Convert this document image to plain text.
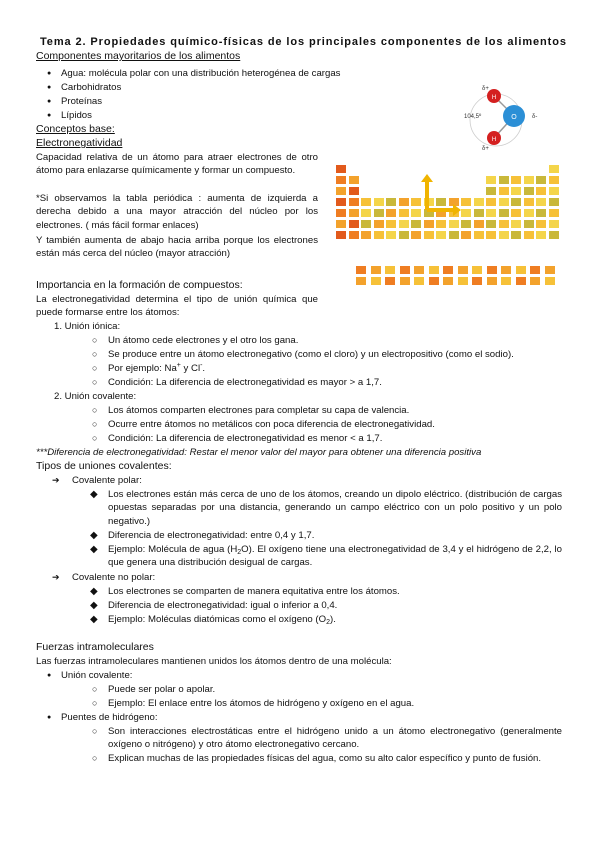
Tema 2. Propiedades químico-físicas de los principales componentes de los alimentos
Componentes mayoritarios de los alimentos
● Agua: molécula polar con una distribución heterogénea de cargas
● Carbohidratos
● Proteínas
● Lípidos	O
H
H
104,5º	δ-
δ+
δ+
Conceptos base:
Electronegatividad
Capacidad relativa de un átomo para atraer electrones de otro átomo para enlazarse químicamente y formar un compuesto.
*Si observamos la tabla periódica : aumenta de izquierda a derecha debido a una mayor atracción del núcleo por los electrones. ( más fácil formar enlaces)
Y también aumenta de abajo hacia arriba porque los electrones están más cerca del núcleo (mayor atracción)
Importancia en la formación de compuestos:
La electronegatividad determina el tipo de unión química que puede formarse entre los átomos:
1. Unión iónica:
○ Un átomo cede electrones y el otro los gana.
○ Se produce entre un átomo electronegativo (como el cloro) y un electropositivo (como el sodio).
○ Por ejemplo: Na+ y Cl-.
○ Condición: La diferencia de electronegatividad es mayor > a 1,7.
2. Unión covalente:
○ Los átomos comparten electrones para completar su capa de valencia.
○ Ocurre entre átomos no metálicos con poca diferencia de electronegatividad.
○ Condición: La diferencia de electronegatividad es menor < a 1,7.
***Diferencia de electronegatividad: Restar el menor valor del mayor para obtener una diferencia positiva
Tipos de uniones covalentes:
➔ Covalente polar:
◆ Los electrones están más cerca de uno de los átomos, creando un dipolo eléctrico. (distribución de cargas opuestas separadas por una distancia, generando un campo eléctrico con un polo positivo y un polo negativo.)
◆ Diferencia de electronegatividad: entre 0,4 y 1,7.
◆ Ejemplo: Molécula de agua $(H_2O)$. El oxígeno tiene una electronegatividad de 3,4 y el hidrógeno de 2,2, lo que genera una distribución desigual de cargas.
➔ Covalente no polar:
◆ Los electrones se comparten de manera equitativa entre los átomos.
◆ Diferencia de electronegatividad: igual o inferior a 0,4.
◆ Ejemplo: Moléculas diatómicas como el oxígeno $(O_2)$.
Fuerzas intramoleculares
Las fuerzas intramoleculares mantienen unidos los átomos dentro de una molécula:
● Unión covalente:
○ Puede ser polar o apolar.
○ Ejemplo: El enlace entre los átomos de hidrógeno y oxígeno en el agua.
● Puentes de hidrógeno:
○ Son interacciones electrostáticas entre el hidrógeno unido a un átomo electronegativo (generalmente oxígeno o nitrógeno) y otro átomo electronegativo cercano.
○ Explican muchas de las propiedades físicas del agua, como su alto calor específico y punto de fusión.
